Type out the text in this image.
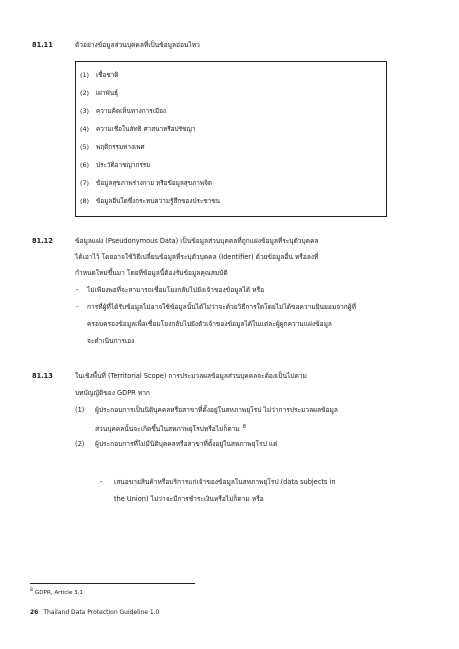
81.11	ตัวอย่างข้อมูลส่วนบุคคลที่เป็นข้อมูลอ่อนไหว
(1) เชื้อชาติ
(2) เผ่าพันธุ์
(3) ความคิดเห็นทางการเมือง
(4) ความเชื่อในลัทธิ ศาสนาหรือปรัชญา
(5) พฤติกรรมทางเพศ
(6) ประวัติอาชญากรรม
(7) ข้อมูลสุขภาพร่างกาย หรือข้อมูลสุขภาพจิต
(8) ข้อมูลอื่นใดซึ่งกระทบความรู้สึกของประชาชน
81.12	ข้อมูลแฝง (Pseudonymous Data) เป็นข้อมูลส่วนบุคคลที่ถูกแฝงข้อมูลที่ระบุตัวบุคคล
ได้เอาไว้ โดยอาจใช้วิธีเปลี่ยนข้อมูลที่ระบุตัวบุคคล (Identifier) ด้วยข้อมูลอื่น หรือลงที่
กำหนดใหม่ขึ้นมา โดยที่ข้อมูลนี้ต้องรับข้อมูลคุณสมบัติ
- ไม่เพียงพอที่จะสามารถเชื่อมโยงกลับไปยังเจ้าของข้อมูลได้ หรือ
- การที่ผู้ที่ได้รับข้อมูลไม่อาจใช้ข้อมูลนั้นได้ไม่ว่าจะด้วยวิธีการใดโดยไม่ได้ขอความยินยอมจากผู้ที่
ครอบครองข้อมูลเพื่อเชื่อมโยงกลับไปยังตัวเจ้าของข้อมูลได้ในแต่ละผู้ผูกความแฝงข้อมูล
จะดำเนินการเอง
81.13	ในเชิงพื้นที่ (Territorial Scope) การประมวลผลข้อมูลส่วนบุคคลจะต้องเป็นไปตาม
บทบัญญัติของ GDPR หาก
(1) ผู้ประกอบการเป็นนิติบุคคลหรือสาขาที่ตั้งอยู่ในสหภาพยุโรป ไม่ว่าการประมวลผลข้อมูล
ส่วนบุคคลนั้นจะเกิดขึ้นในสหภาพยุโรปหรือไม่ก็ตาม $^8$
(2) ผู้ประกอบการที่ไม่มีนิติบุคคลหรือสาขาที่ตั้งอยู่ในสหภาพยุโรป แต่
- เสนอขายสินค้าหรือบริการแก่เจ้าของข้อมูลในสหภาพยุโรป (data subjects in
the Union) ไม่ว่าจะมีการชำระเงินหรือไม่ก็ตาม หรือ
$^8$ GDPR, Article 3.1
26 Thailand Data Protection Guideline 1.0
